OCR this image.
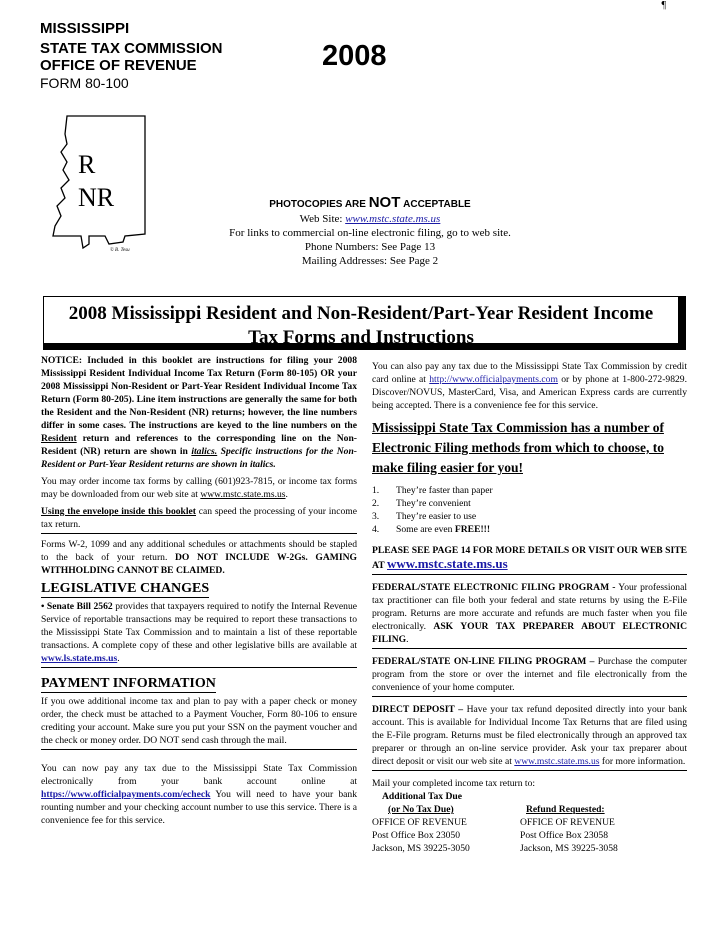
¶
MISSISSIPPI
STATE TAX COMMISSION
OFFICE OF REVENUE
FORM 80-100
2008
R
NR
© B. Tesu
PHOTOCOPIES ARE NOT ACCEPTABLE
Web Site: www.mstc.state.ms.us
For links to commercial on-line electronic filing, go to web site.
Phone Numbers: See Page 13
Mailing Addresses: See Page 2
2008 Mississippi Resident and Non-Resident/Part-Year Resident Income
Tax Forms and Instructions
NOTICE: Included in this booklet are instructions for filing your 2008 Mississippi Resident Individual Income Tax Return (Form 80-105) OR your 2008 Mississippi Non-Resident or Part-Year Resident Individual Income Tax Return (Form 80-205). Line item instructions are generally the same for both the Resident and the Non-Resident (NR) returns; however, the line numbers differ in some cases. The instructions are keyed to the line numbers on the Resident return and references to the corresponding line on the Non-Resident (NR) return are shown in italics. Specific instructions for the Non-Resident or Part-Year Resident returns are shown in italics.
You may order income tax forms by calling (601)923-7815, or income tax forms may be downloaded from our web site at www.mstc.state.ms.us.
Using the envelope inside this booklet can speed the processing of your income tax return.
Forms W-2, 1099 and any additional schedules or attachments should be stapled to the back of your return. DO NOT INCLUDE W-2Gs. GAMING WITHHOLDING CANNOT BE CLAIMED.
LEGISLATIVE CHANGES
• Senate Bill 2562 provides that taxpayers required to notify the Internal Revenue Service of reportable transactions may be required to report these transactions to the Mississippi State Tax Commission and to maintain a list of these reportable transactions. A complete copy of these and other legislative bills are available at www.ls.state.ms.us.
PAYMENT INFORMATION
If you owe additional income tax and plan to pay with a paper check or money order, the check must be attached to a Payment Voucher, Form 80-106 to ensure crediting your account. Make sure you put your SSN on the payment voucher and the check or money order. DO NOT send cash through the mail.
You can now pay any tax due to the Mississippi State Tax Commission electronically from your bank account online at https://www.officialpayments.com/echeck You will need to have your bank rounting number and your checking account number to use this service. There is a convenience fee for this service.
You can also pay any tax due to the Mississippi State Tax Commission by credit card online at http://www.officialpayments.com or by phone at 1-800-272-9829. Discover/NOVUS, MasterCard, Visa, and American Express cards are currently being accepted. There is a convenience fee for this service.
Mississippi State Tax Commission has a number of Electronic Filing methods from which to choose, to make filing easier for you!
1. They’re faster than paper
2. They’re convenient
3. They’re easier to use
4. Some are even FREE!!!
PLEASE SEE PAGE 14 FOR MORE DETAILS OR VISIT OUR WEB SITE AT www.mstc.state.ms.us
FEDERAL/STATE ELECTRONIC FILING PROGRAM - Your professional tax practitioner can file both your federal and state returns by using the E-File program. Returns are more accurate and refunds are much faster when you file electronically. ASK YOUR TAX PREPARER ABOUT ELECTRONIC FILING.
FEDERAL/STATE ON-LINE FILING PROGRAM – Purchase the computer program from the store or over the internet and file electronically from the convenience of your home computer.
DIRECT DEPOSIT – Have your tax refund deposited directly into your bank account. This is available for Individual Income Tax Returns that are filed using the E-File program. Returns must be filed electronically through an approved tax preparer or through an on-line service provider. Ask your tax preparer about direct deposit or visit our web site at www.mstc.state.ms.us for more information.
Mail your completed income tax return to:
Additional Tax Due
(or No Tax Due)
OFFICE OF REVENUE
Post Office Box 23050
Jackson, MS 39225-3050
Refund Requested:
OFFICE OF REVENUE
Post Office Box 23058
Jackson, MS 39225-3058
